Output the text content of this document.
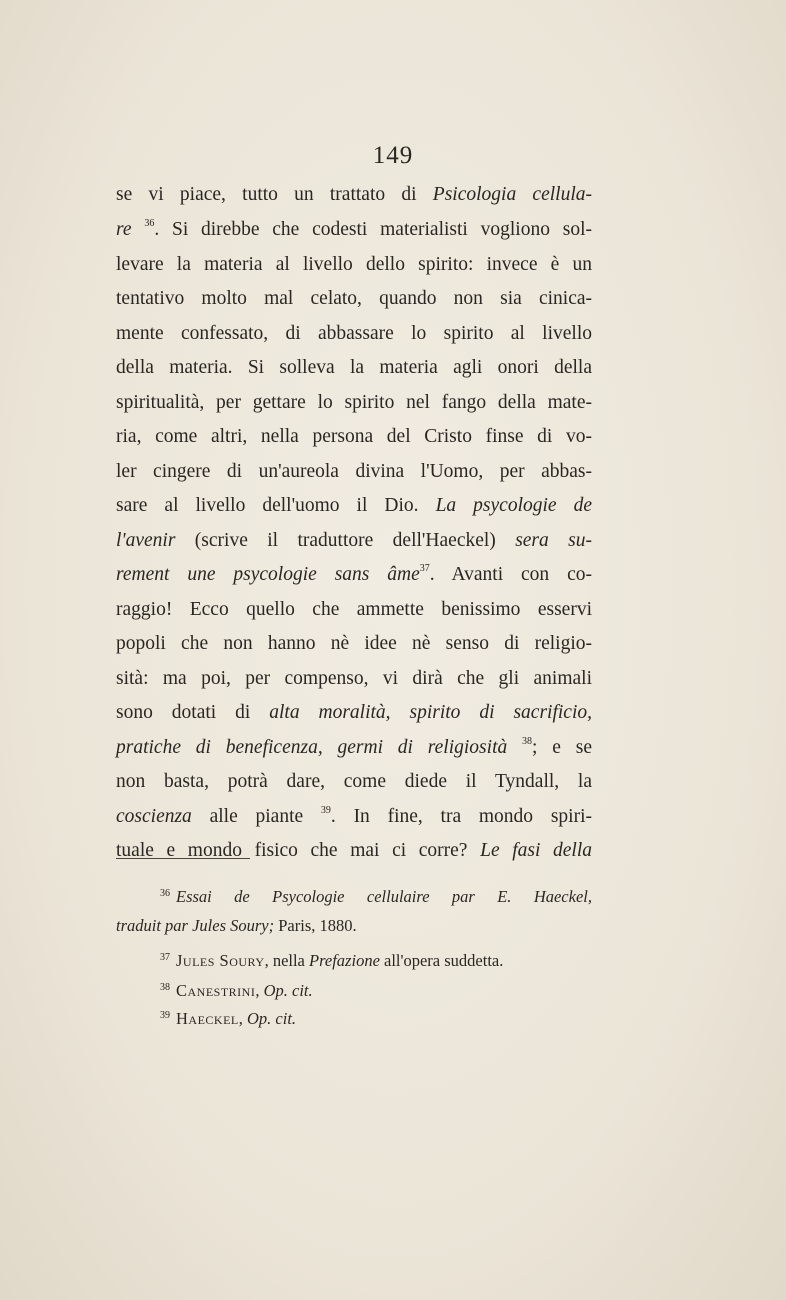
149
se vi piace, tutto un trattato di Psicologia cellula-
re $^{36}$. Si direbbe che codesti materialisti vogliono sol-
levare la materia al livello dello spirito: invece è un
tentativo molto mal celato, quando non sia cinica-
mente confessato, di abbassare lo spirito al livello
della materia. Si solleva la materia agli onori della
spiritualità, per gettare lo spirito nel fango della mate-
ria, come altri, nella persona del Cristo finse di vo-
ler cingere di un'aureola divina l'Uomo, per abbas-
sare al livello dell'uomo il Dio. La psycologie de
l'avenir (scrive il traduttore dell'Haeckel) sera su-
rement une psycologie sans âme$^{37}$. Avanti con co-
raggio! Ecco quello che ammette benissimo esservi
popoli che non hanno nè idee nè senso di religio-
sità: ma poi, per compenso, vi dirà che gli animali
sono dotati di alta moralità, spirito di sacrificio,
pratiche di beneficenza, germi di religiosità $^{38}$; e se
non basta, potrà dare, come diede il Tyndall, la
coscienza alle piante $^{39}$. In fine, tra mondo spiri-
tuale e mondo fisico che mai ci corre? Le fasi della
$^{36}$ Essai de Psycologie cellulaire par E. Haeckel,
traduit par Jules Soury; Paris, 1880.
$^{37}$ Jules Soury, nella Prefazione all'opera suddetta.
$^{38}$ Canestrini, Op. cit.
$^{39}$ Haeckel, Op. cit.
